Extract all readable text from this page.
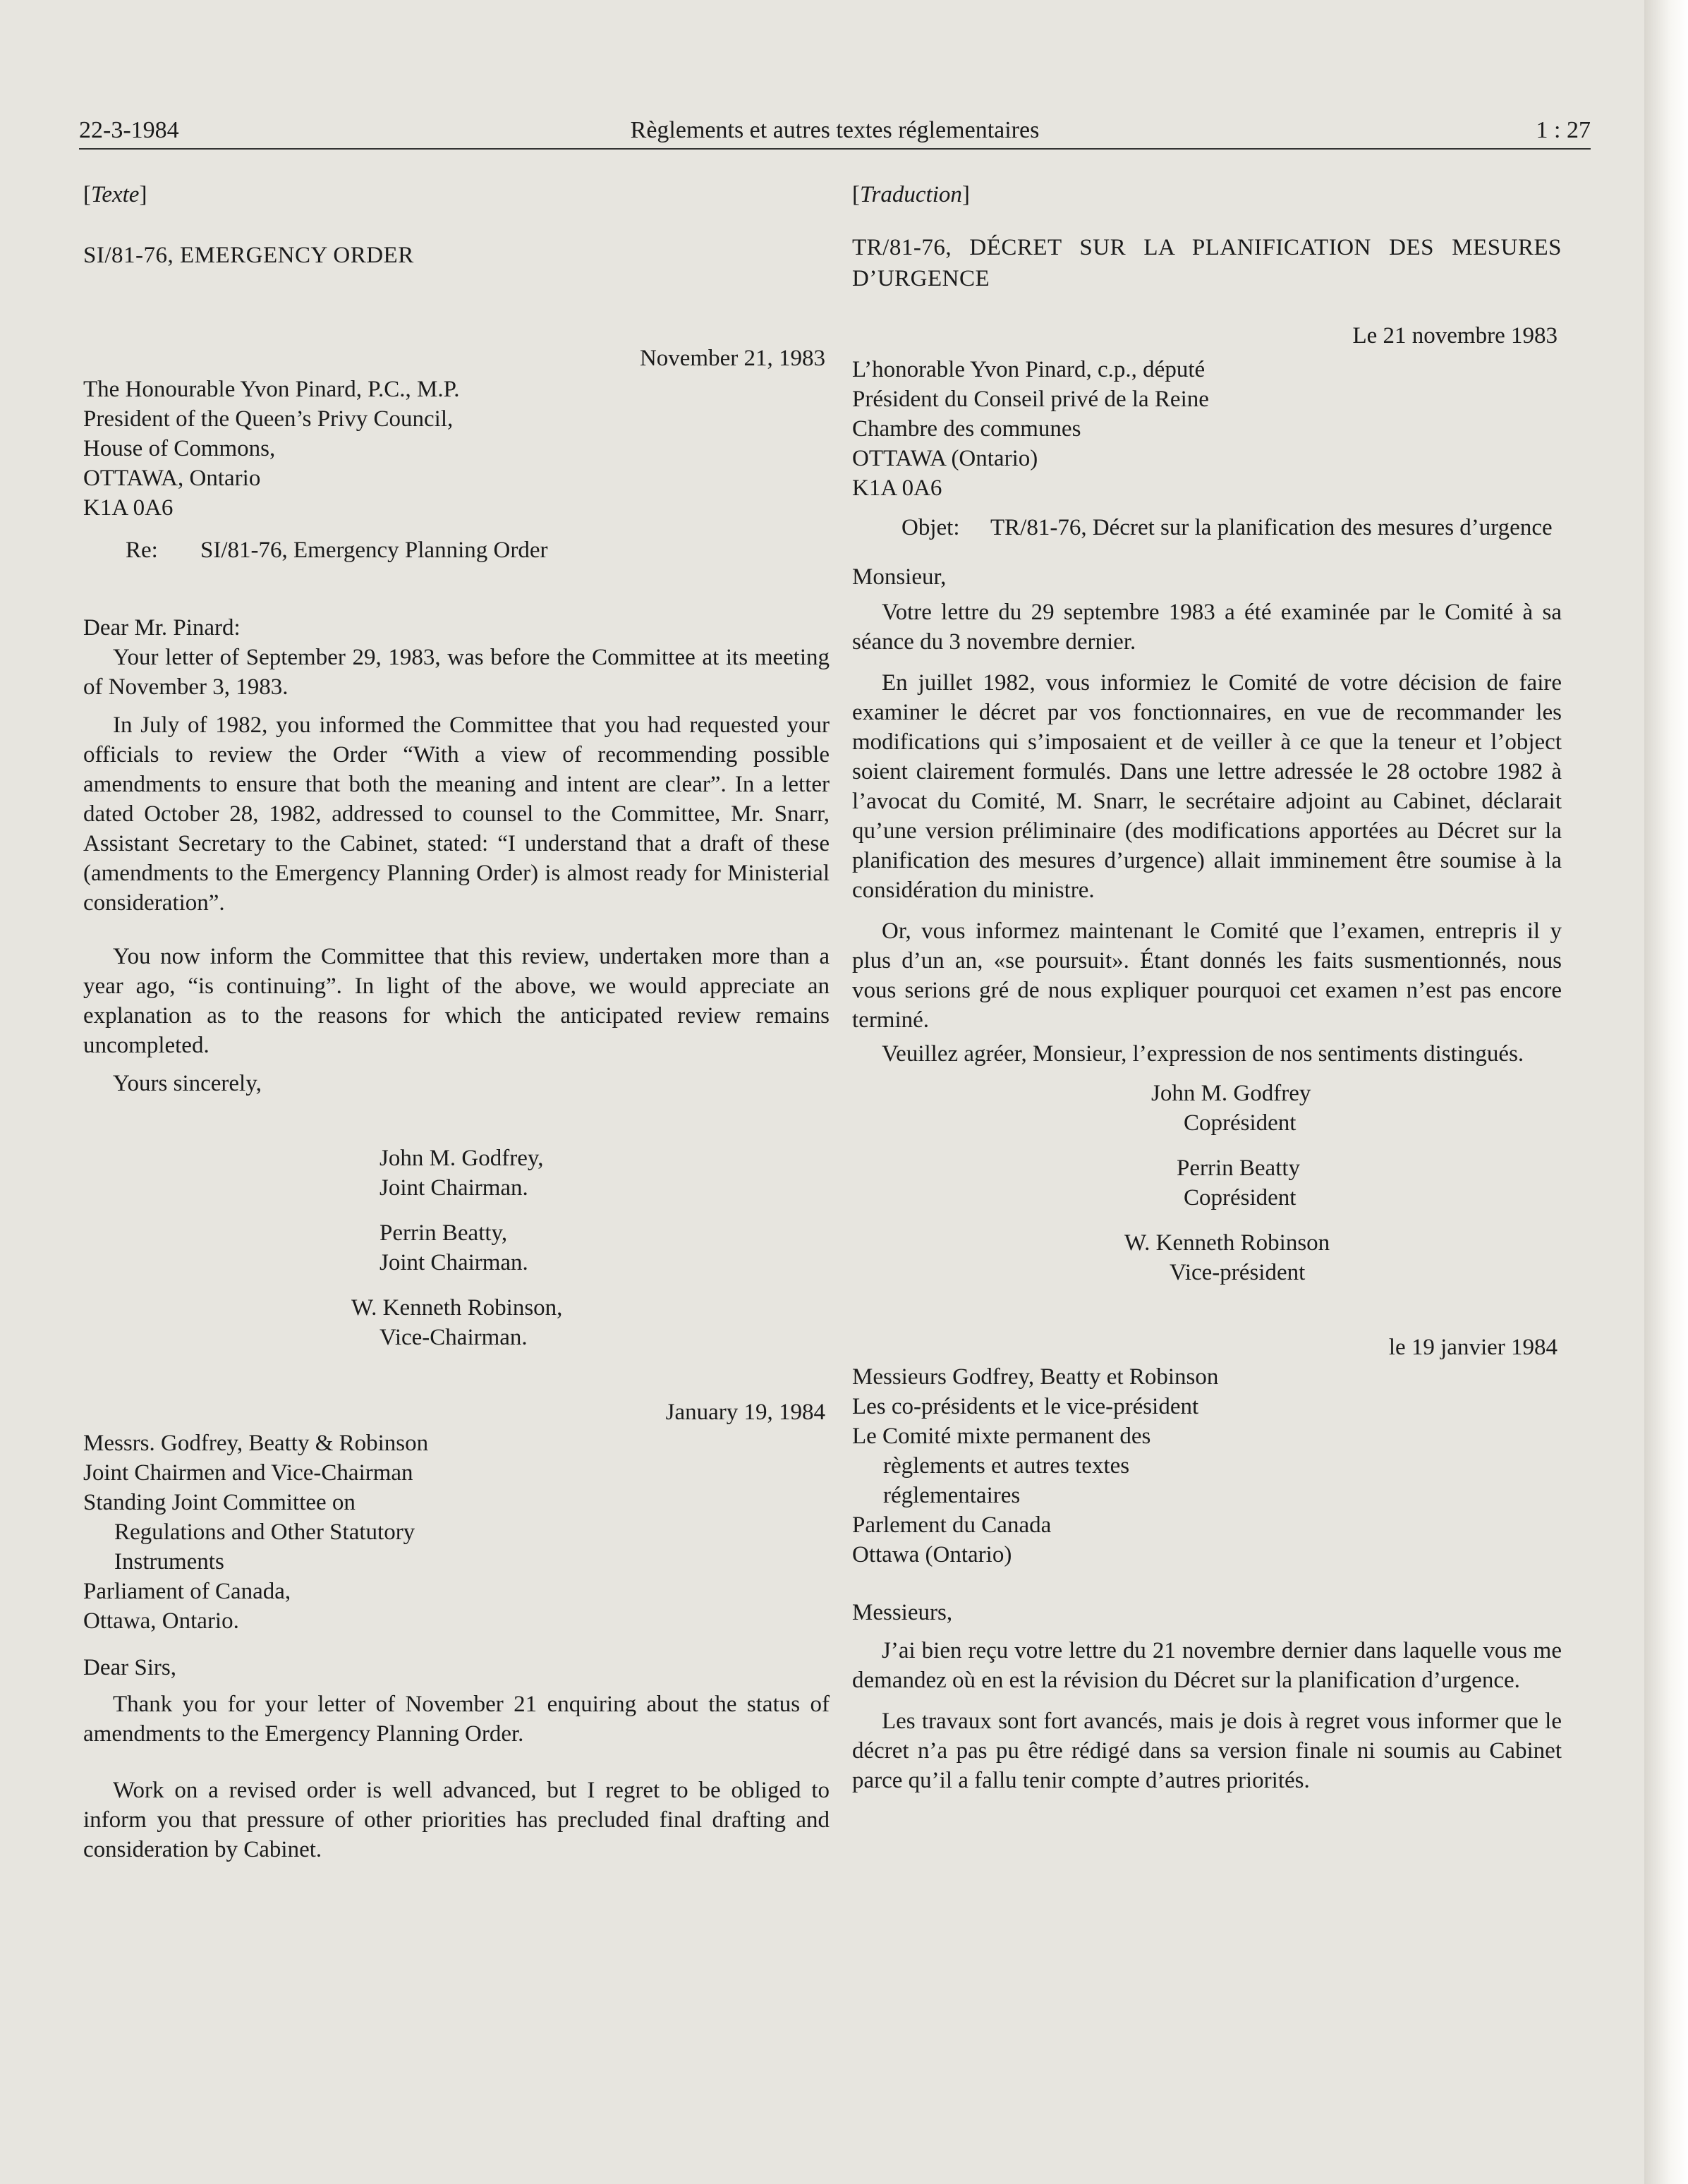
22-3-1984	Règlements et autres textes réglementaires	1 : 27

[Texte]

SI/81-76, EMERGENCY ORDER

November 21, 1983

The Honourable Yvon Pinard, P.C., M.P.

President of the Queen’s Privy Council,

House of Commons,

OTTAWA, Ontario

K1A 0A6

Re:	SI/81-76, Emergency Planning Order

Dear Mr. Pinard:

Your letter of September 29, 1983, was before the Committee at its meeting of November 3, 1983.

In July of 1982, you informed the Committee that you had requested your officials to review the Order “With a view of recommending possible amendments to ensure that both the meaning and intent are clear”. In a letter dated October 28, 1982, addressed to counsel to the Committee, Mr. Snarr, Assistant Secretary to the Cabinet, stated: “I understand that a draft of these (amendments to the Emergency Planning Order) is almost ready for Ministerial consideration”.

You now inform the Committee that this review, undertaken more than a year ago, “is continuing”. In light of the above, we would appreciate an explanation as to the reasons for which the anticipated review remains uncompleted.

Yours sincerely,

John M. Godfrey,

Joint Chairman.

Perrin Beatty,

Joint Chairman.

W. Kenneth Robinson,

Vice-Chairman.

January 19, 1984

Messrs. Godfrey, Beatty & Robinson

Joint Chairmen and Vice-Chairman

Standing Joint Committee on

Regulations and Other Statutory

Instruments

Parliament of Canada,

Ottawa, Ontario.

Dear Sirs,

Thank you for your letter of November 21 enquiring about the status of amendments to the Emergency Planning Order.

Work on a revised order is well advanced, but I regret to be obliged to inform you that pressure of other priorities has precluded final drafting and consideration by Cabinet.

[Traduction]

TR/81-76, DÉCRET SUR LA PLANIFICATION DES MESURES D’URGENCE

Le 21 novembre 1983

L’honorable Yvon Pinard, c.p., député

Président du Conseil privé de la Reine

Chambre des communes

OTTAWA (Ontario)

K1A 0A6

Objet:	TR/81-76, Décret sur la planification des mesures d’urgence

Monsieur,

Votre lettre du 29 septembre 1983 a été examinée par le Comité à sa séance du 3 novembre dernier.

En juillet 1982, vous informiez le Comité de votre décision de faire examiner le décret par vos fonctionnaires, en vue de recommander les modifications qui s’imposaient et de veiller à ce que la teneur et l’object soient clairement formulés. Dans une lettre adressée le 28 octobre 1982 à l’avocat du Comité, M. Snarr, le secrétaire adjoint au Cabinet, déclarait qu’une version préliminaire (des modifications apportées au Décret sur la planification des mesures d’urgence) allait imminement être soumise à la considération du ministre.

Or, vous informez maintenant le Comité que l’examen, entrepris il y plus d’un an, «se poursuit». Étant donnés les faits susmentionnés, nous vous serions gré de nous expliquer pourquoi cet examen n’est pas encore terminé.

Veuillez agréer, Monsieur, l’expression de nos sentiments distingués.

John M. Godfrey

Coprésident

Perrin Beatty

Coprésident

W. Kenneth Robinson

Vice-président

le 19 janvier 1984

Messieurs Godfrey, Beatty et Robinson

Les co-présidents et le vice-président

Le Comité mixte permanent des

règlements et autres textes

réglementaires

Parlement du Canada

Ottawa (Ontario)

Messieurs,

J’ai bien reçu votre lettre du 21 novembre dernier dans laquelle vous me demandez où en est la révision du Décret sur la planification d’urgence.

Les travaux sont fort avancés, mais je dois à regret vous informer que le décret n’a pas pu être rédigé dans sa version finale ni soumis au Cabinet parce qu’il a fallu tenir compte d’autres priorités.
